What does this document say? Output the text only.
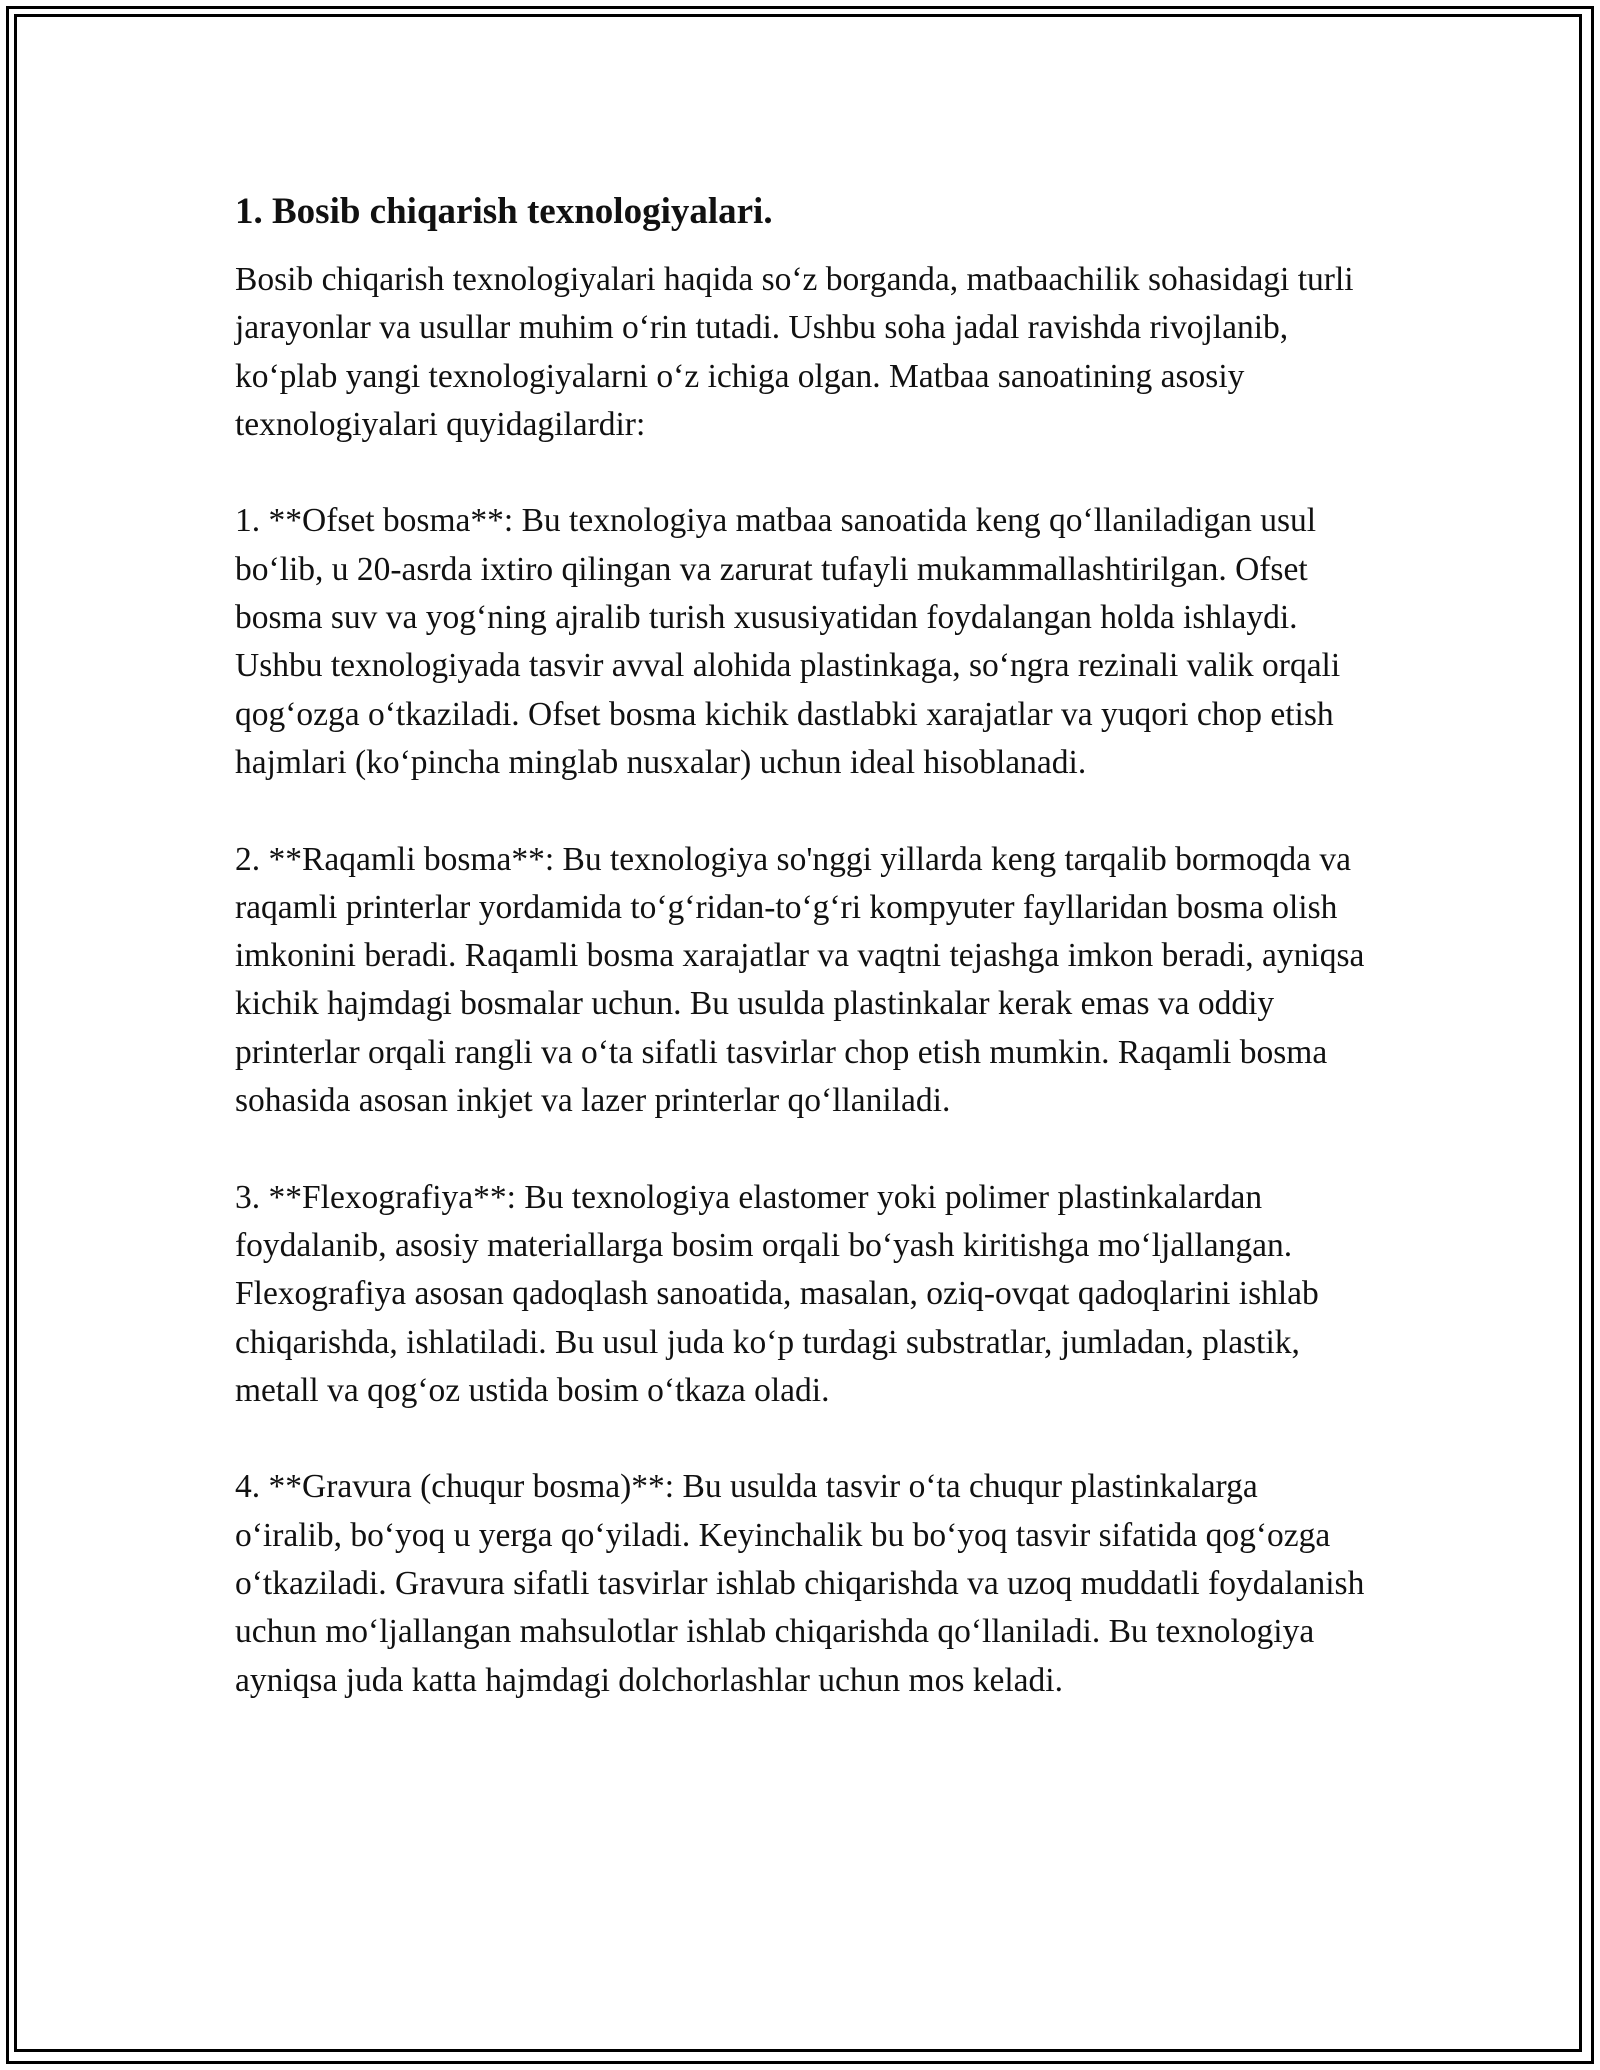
1. Bosib chiqarish texnologiyalari.

Bosib chiqarish texnologiyalari haqida so‘z borganda, matbaachilik sohasidagi turli jarayonlar va usullar muhim o‘rin tutadi. Ushbu soha jadal ravishda rivojlanib, ko‘plab yangi texnologiyalarni o‘z ichiga olgan. Matbaa sanoatining asosiy texnologiyalari quyidagilardir:

1. **Ofset bosma**: Bu texnologiya matbaa sanoatida keng qo‘llaniladigan usul bo‘lib, u 20-asrda ixtiro qilingan va zarurat tufayli mukammallashtirilgan. Ofset bosma suv va yog‘ning ajralib turish xususiyatidan foydalangan holda ishlaydi. Ushbu texnologiyada tasvir avval alohida plastinkaga, so‘ngra rezinali valik orqali qog‘ozga o‘tkaziladi. Ofset bosma kichik dastlabki xarajatlar va yuqori chop etish hajmlari (ko‘pincha minglab nusxalar) uchun ideal hisoblanadi.

2. **Raqamli bosma**: Bu texnologiya so'nggi yillarda keng tarqalib bormoqda va raqamli printerlar yordamida to‘g‘ridan-to‘g‘ri kompyuter fayllaridan bosma olish imkonini beradi. Raqamli bosma xarajatlar va vaqtni tejashga imkon beradi, ayniqsa kichik hajmdagi bosmalar uchun. Bu usulda plastinkalar kerak emas va oddiy printerlar orqali rangli va o‘ta sifatli tasvirlar chop etish mumkin. Raqamli bosma sohasida asosan inkjet va lazer printerlar qo‘llaniladi.

3. **Flexografiya**: Bu texnologiya elastomer yoki polimer plastinkalardan foydalanib, asosiy materiallarga bosim orqali bo‘yash kiritishga mo‘ljallangan. Flexografiya asosan qadoqlash sanoatida, masalan, oziq-ovqat qadoqlarini ishlab chiqarishda, ishlatiladi. Bu usul juda ko‘p turdagi substratlar, jumladan, plastik, metall va qog‘oz ustida bosim o‘tkaza oladi.

4. **Gravura (chuqur bosma)**: Bu usulda tasvir o‘ta chuqur plastinkalarga o‘iralib, bo‘yoq u yerga qo‘yiladi. Keyinchalik bu bo‘yoq tasvir sifatida qog‘ozga o‘tkaziladi. Gravura sifatli tasvirlar ishlab chiqarishda va uzoq muddatli foydalanish uchun mo‘ljallangan mahsulotlar ishlab chiqarishda qo‘llaniladi. Bu texnologiya ayniqsa juda katta hajmdagi dolchorlashlar uchun mos keladi.
